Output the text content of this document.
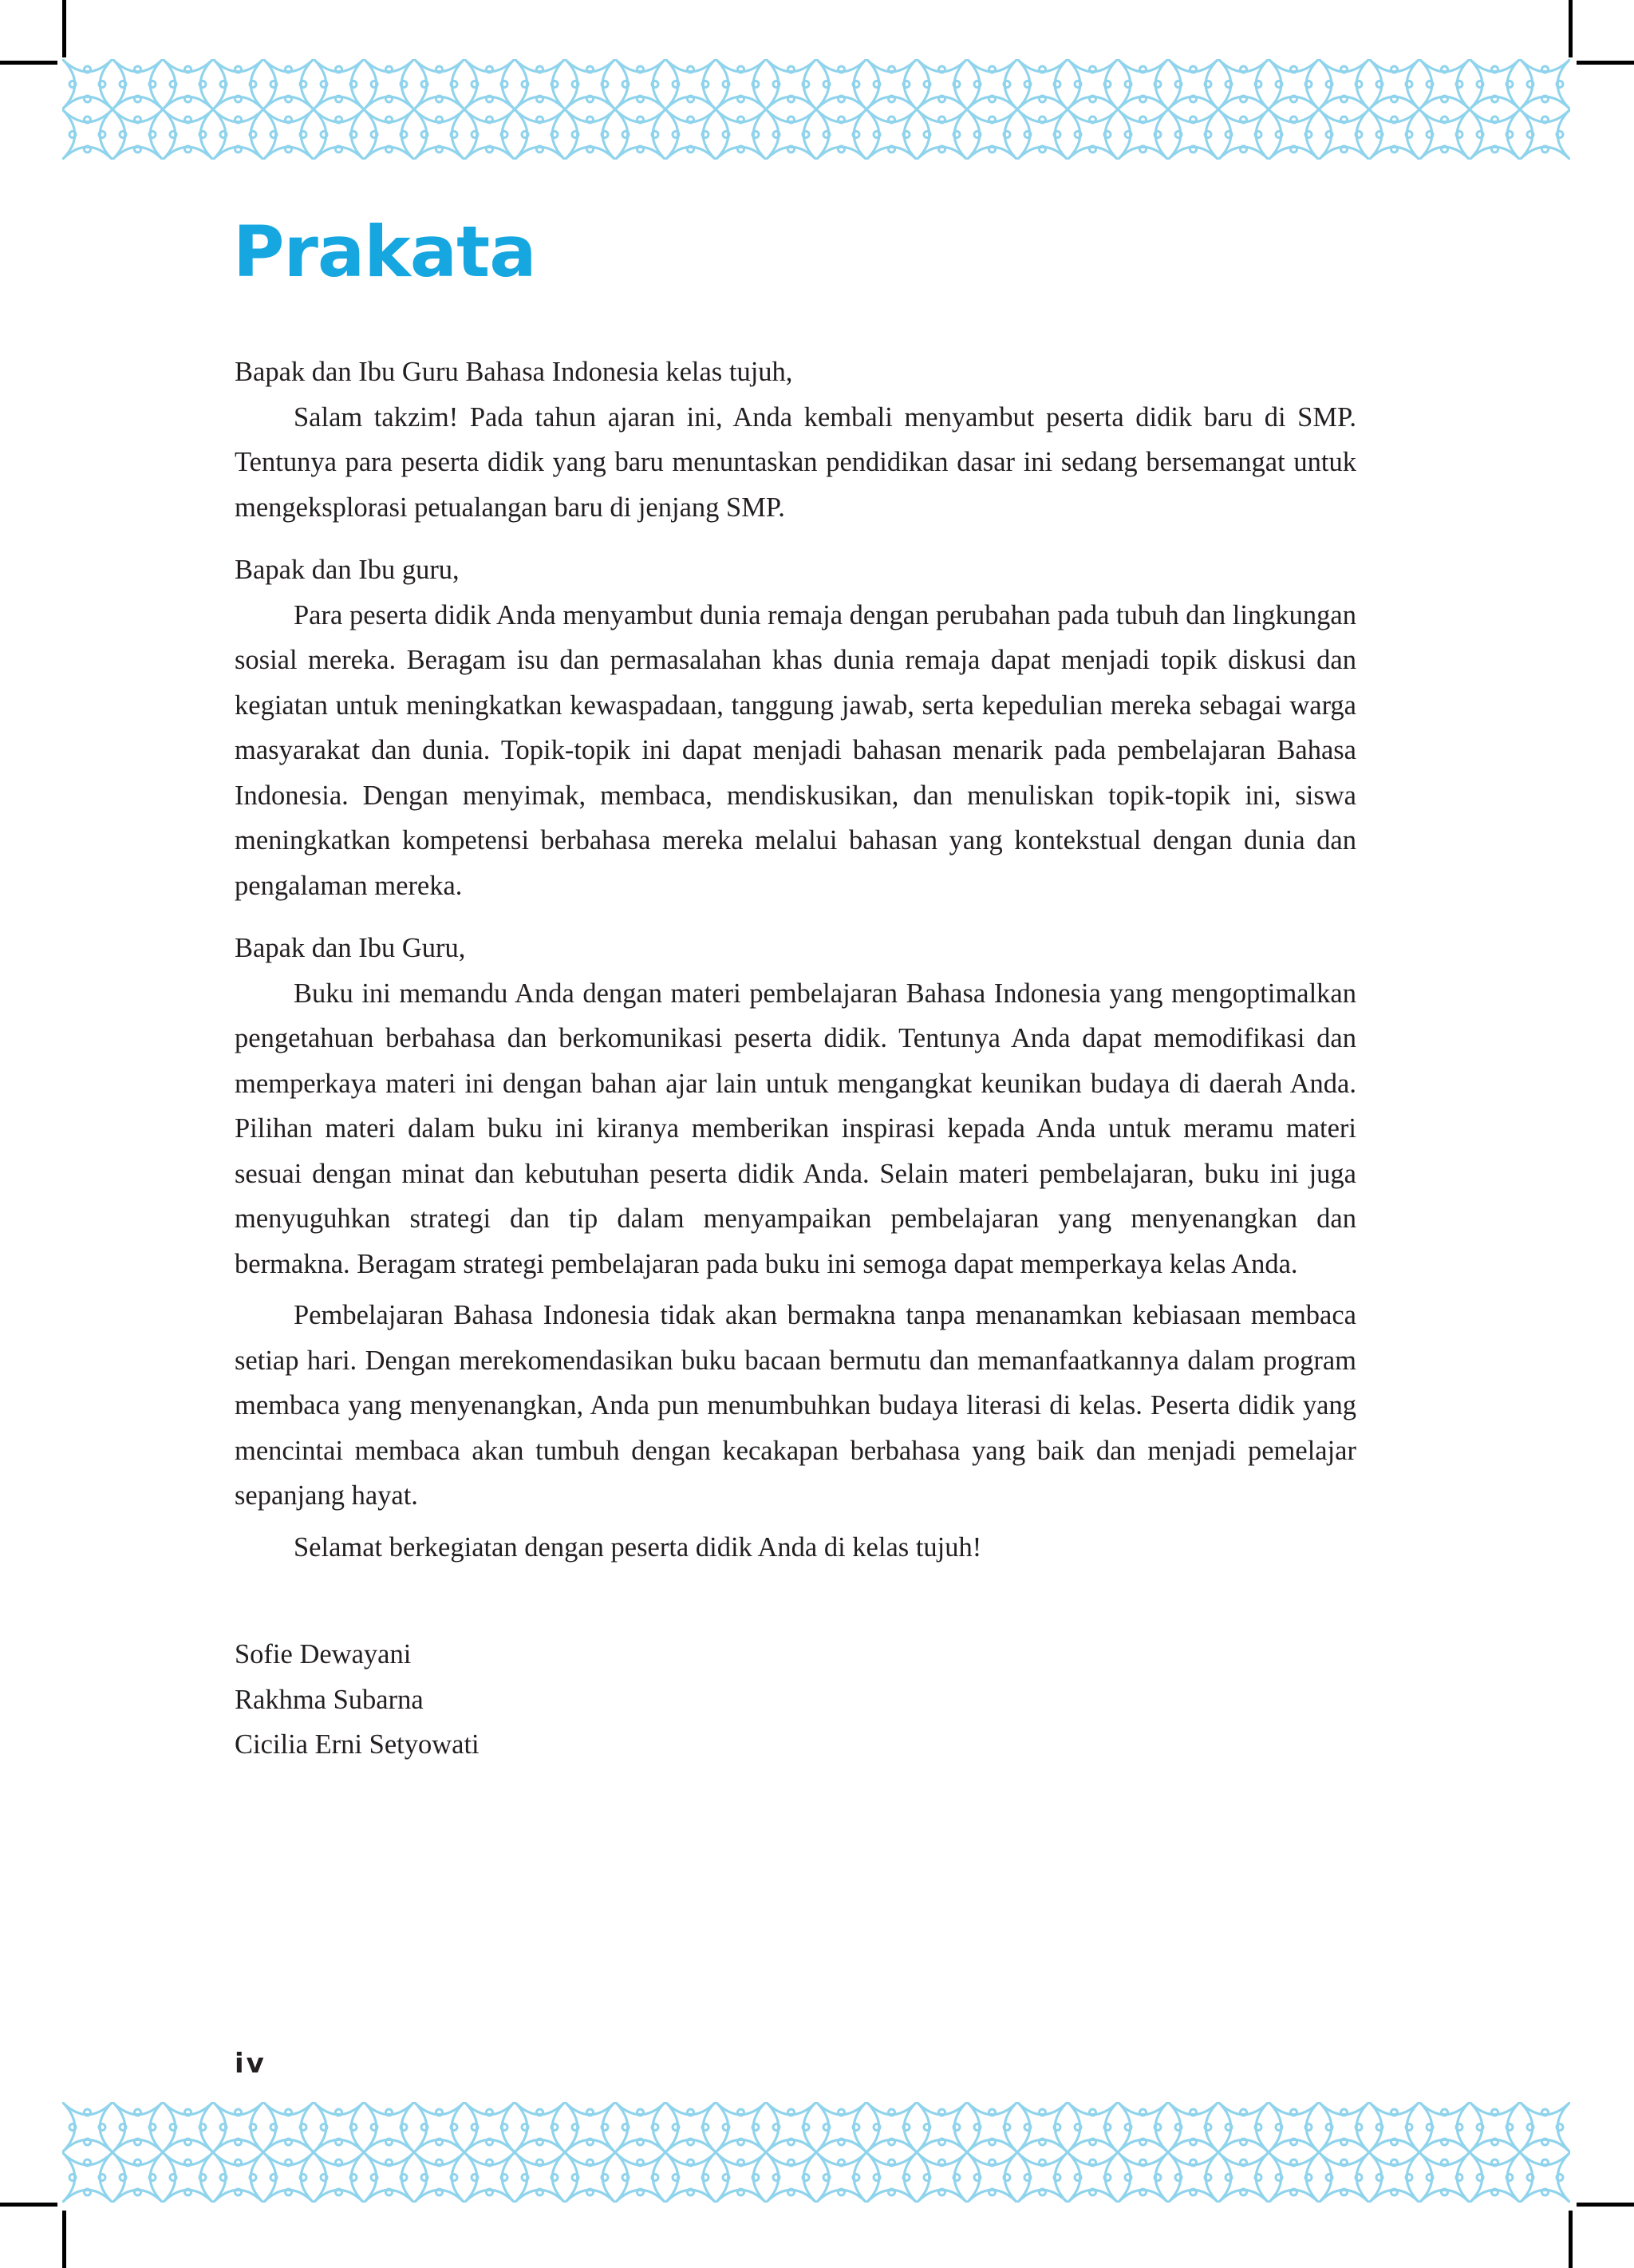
Prakata

Bapak dan Ibu Guru Bahasa Indonesia kelas tujuh,

Salam takzim! Pada tahun ajaran ini, Anda kembali menyambut peserta didik baru di SMP. Tentunya para peserta didik yang baru menuntaskan pendidikan dasar ini sedang bersemangat untuk mengeksplorasi petualangan baru di jenjang SMP.

Bapak dan Ibu guru,

Para peserta didik Anda menyambut dunia remaja dengan perubahan pada tubuh dan lingkungan sosial mereka. Beragam isu dan permasalahan khas dunia remaja dapat menjadi topik diskusi dan kegiatan untuk meningkatkan kewaspadaan, tanggung jawab, serta kepedulian mereka sebagai warga masyarakat dan dunia. Topik-topik ini dapat menjadi bahasan menarik pada pembelajaran Bahasa Indonesia. Dengan menyimak, membaca, mendiskusikan, dan menuliskan topik-topik ini, siswa meningkatkan kompetensi berbahasa mereka melalui bahasan yang kontekstual dengan dunia dan pengalaman mereka.

Bapak dan Ibu Guru,

Buku ini memandu Anda dengan materi pembelajaran Bahasa Indonesia yang mengoptimalkan pengetahuan berbahasa dan berkomunikasi peserta didik. Tentunya Anda dapat memodifikasi dan memperkaya materi ini dengan bahan ajar lain untuk mengangkat keunikan budaya di daerah Anda. Pilihan materi dalam buku ini kiranya memberikan inspirasi kepada Anda untuk meramu materi sesuai dengan minat dan kebutuhan peserta didik Anda. Selain materi pembelajaran, buku ini juga menyuguhkan strategi dan tip dalam menyampaikan pembelajaran yang menyenangkan dan bermakna. Beragam strategi pembelajaran pada buku ini semoga dapat memperkaya kelas Anda.

Pembelajaran Bahasa Indonesia tidak akan bermakna tanpa menanamkan kebiasaan membaca setiap hari. Dengan merekomendasikan buku bacaan bermutu dan memanfaatkannya dalam program membaca yang menyenangkan, Anda pun menumbuhkan budaya literasi di kelas. Peserta didik yang mencintai membaca akan tumbuh dengan kecakapan berbahasa yang baik dan menjadi pemelajar sepanjang hayat.

Selamat berkegiatan dengan peserta didik Anda di kelas tujuh!

Sofie Dewayani

Rakhma Subarna

Cicilia Erni Setyowati

iv
